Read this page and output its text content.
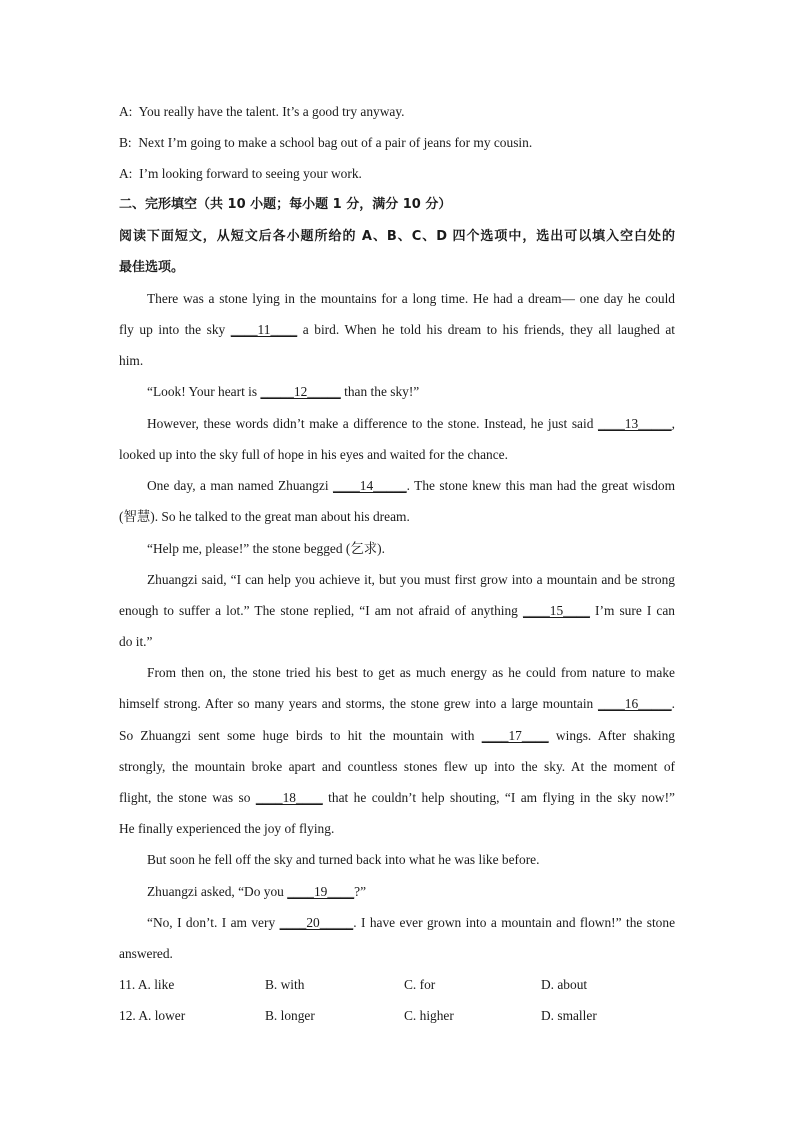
A: You really have the talent. It’s a good try anyway.
B: Next I’m going to make a school bag out of a pair of jeans for my cousin.
A: I’m looking forward to seeing your work.
二、完形填空（共 10 小题；每小题 1 分，满分 10 分）
阅读下面短文，从短文后各小题所给的 A、B、C、D 四个选项中，选出可以填入空白处的
最佳选项。
There was a stone lying in the mountains for a long time. He had a dream— one day he could
fly up into the sky ____11____ a bird. When he told his dream to his friends, they all laughed at
him.
“Look! Your heart is _____12_____ than the sky!”
However, these words didn’t make a difference to the stone. Instead, he just said ____13_____,
looked up into the sky full of hope in his eyes and waited for the chance.
One day, a man named Zhuangzi ____14_____. The stone knew this man had the great wisdom
(智慧). So he talked to the great man about his dream.
“Help me, please!” the stone begged (乞求).
Zhuangzi said, “I can help you achieve it, but you must first grow into a mountain and be strong
enough to suffer a lot.” The stone replied, “I am not afraid of anything ____15____ I’m sure I can
do it.”
From then on, the stone tried his best to get as much energy as he could from nature to make
himself strong. After so many years and storms, the stone grew into a large mountain ____16_____.
So Zhuangzi sent some huge birds to hit the mountain with ____17____ wings. After shaking
strongly, the mountain broke apart and countless stones flew up into the sky. At the moment of
flight, the stone was so ____18____ that he couldn’t help shouting, “I am flying in the sky now!”
He finally experienced the joy of flying.
But soon he fell off the sky and turned back into what he was like before.
Zhuangzi asked, “Do you ____19____?”
“No, I don’t. I am very ____20_____. I have ever grown into a mountain and flown!” the stone
answered.
11. A. like	B. with	C. for	D. about
12. A. lower	B. longer	C. higher	D. smaller
